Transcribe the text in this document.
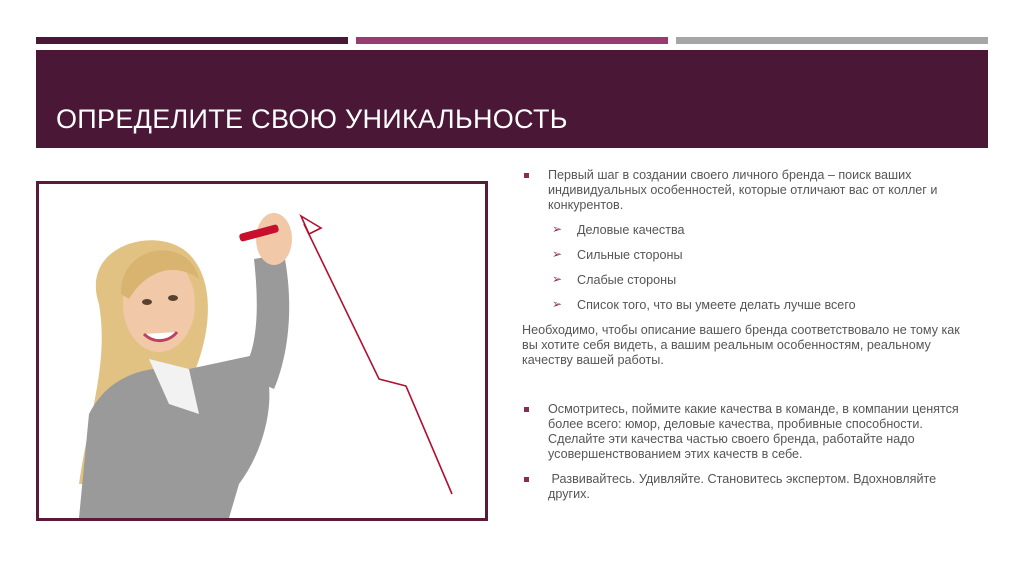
ОПРЕДЕЛИТЕ СВОЮ УНИКАЛЬНОСТЬ
Первый шаг в создании своего личного бренда – поиск ваших индивидуальных особенностей, которые отличают вас от коллег и конкурентов.
➢ Деловые качества
➢ Сильные стороны
➢ Слабые стороны
➢ Список того, что вы умеете делать лучше всего
Необходимо, чтобы описание вашего бренда соответствовало не тому как вы хотите себя видеть, а вашим реальным особенностям, реальному качеству вашей работы.
Осмотритесь, поймите какие качества в команде, в компании ценятся более всего: юмор, деловые качества, пробивные способности. Сделайте эти качества частью своего бренда, работайте надо усовершенствованием этих качеств в себе.
Развивайтесь. Удивляйте. Становитесь экспертом. Вдохновляйте других.
